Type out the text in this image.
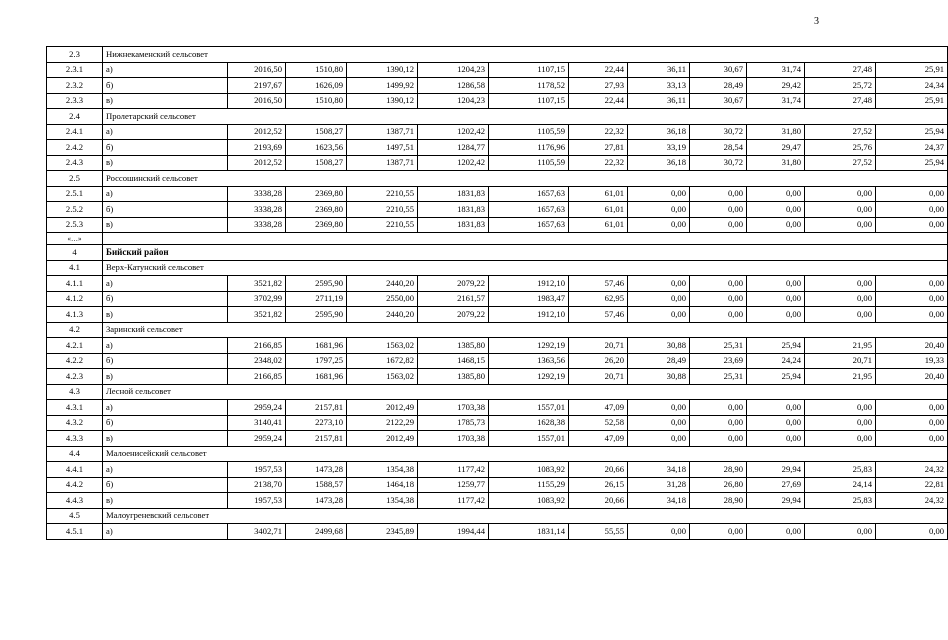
3
2.3	Нижнекаменский сельсовет											
2.3.1	а)	2016,50	1510,80	1390,12	1204,23	1107,15	22,44	36,11	30,67	31,74	27,48	25,91
2.3.2	б)	2197,67	1626,09	1499,92	1286,58	1178,52	27,93	33,13	28,49	29,42	25,72	24,34
2.3.3	в)	2016,50	1510,80	1390,12	1204,23	1107,15	22,44	36,11	30,67	31,74	27,48	25,91
2.4	Пролетарский сельсовет											
2.4.1	а)	2012,52	1508,27	1387,71	1202,42	1105,59	22,32	36,18	30,72	31,80	27,52	25,94
2.4.2	б)	2193,69	1623,56	1497,51	1284,77	1176,96	27,81	33,19	28,54	29,47	25,76	24,37
2.4.3	в)	2012,52	1508,27	1387,71	1202,42	1105,59	22,32	36,18	30,72	31,80	27,52	25,94
2.5	Россошинский сельсовет											
2.5.1	а)	3338,28	2369,80	2210,55	1831,83	1657,63	61,01	0,00	0,00	0,00	0,00	0,00
2.5.2	б)	3338,28	2369,80	2210,55	1831,83	1657,63	61,01	0,00	0,00	0,00	0,00	0,00
2.5.3	в)	3338,28	2369,80	2210,55	1831,83	1657,63	61,01	0,00	0,00	0,00	0,00	0,00
«…»												
4	Бийский район											
4.1	Верх-Катунский сельсовет											
4.1.1	а)	3521,82	2595,90	2440,20	2079,22	1912,10	57,46	0,00	0,00	0,00	0,00	0,00
4.1.2	б)	3702,99	2711,19	2550,00	2161,57	1983,47	62,95	0,00	0,00	0,00	0,00	0,00
4.1.3	в)	3521,82	2595,90	2440,20	2079,22	1912,10	57,46	0,00	0,00	0,00	0,00	0,00
4.2	Заринский сельсовет											
4.2.1	а)	2166,85	1681,96	1563,02	1385,80	1292,19	20,71	30,88	25,31	25,94	21,95	20,40
4.2.2	б)	2348,02	1797,25	1672,82	1468,15	1363,56	26,20	28,49	23,69	24,24	20,71	19,33
4.2.3	в)	2166,85	1681,96	1563,02	1385,80	1292,19	20,71	30,88	25,31	25,94	21,95	20,40
4.3	Лесной сельсовет											
4.3.1	а)	2959,24	2157,81	2012,49	1703,38	1557,01	47,09	0,00	0,00	0,00	0,00	0,00
4.3.2	б)	3140,41	2273,10	2122,29	1785,73	1628,38	52,58	0,00	0,00	0,00	0,00	0,00
4.3.3	в)	2959,24	2157,81	2012,49	1703,38	1557,01	47,09	0,00	0,00	0,00	0,00	0,00
4.4	Малоенисейский сельсовет											
4.4.1	а)	1957,53	1473,28	1354,38	1177,42	1083,92	20,66	34,18	28,90	29,94	25,83	24,32
4.4.2	б)	2138,70	1588,57	1464,18	1259,77	1155,29	26,15	31,28	26,80	27,69	24,14	22,81
4.4.3	в)	1957,53	1473,28	1354,38	1177,42	1083,92	20,66	34,18	28,90	29,94	25,83	24,32
4.5	Малоугреневский сельсовет											
4.5.1	а)	3402,71	2499,68	2345,89	1994,44	1831,14	55,55	0,00	0,00	0,00	0,00	0,00
